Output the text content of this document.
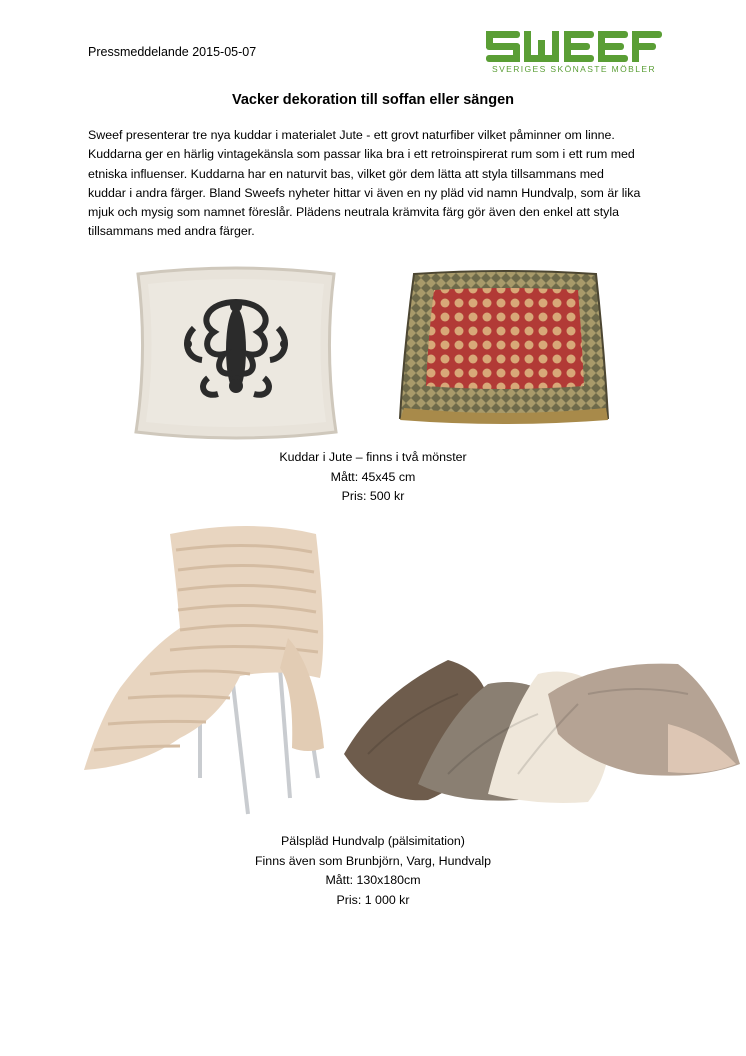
Pressmeddelande 2015-05-07
SVERIGES SKÖNASTE MÖBLER
Vacker dekoration till soffan eller sängen
Sweef presenterar tre nya kuddar i materialet Jute - ett grovt naturfiber vilket påminner om linne.
Kuddarna ger en härlig vintagekänsla som passar lika bra i ett retroinspirerat rum som i ett rum med
etniska influenser. Kuddarna har en naturvit bas, vilket gör dem lätta att styla tillsammans med
kuddar i andra färger. Bland Sweefs nyheter hittar vi även en ny pläd vid namn Hundvalp, som är lika
mjuk och mysig som namnet föreslår. Plädens neutrala krämvita färg gör även den enkel att styla
tillsammans med andra färger.
Kuddar i Jute – finns i två mönster
Mått: 45x45 cm
Pris: 500 kr
Pälspläd Hundvalp (pälsimitation)
Finns även som Brunbjörn, Varg, Hundvalp
Mått: 130x180cm
Pris: 1 000 kr
